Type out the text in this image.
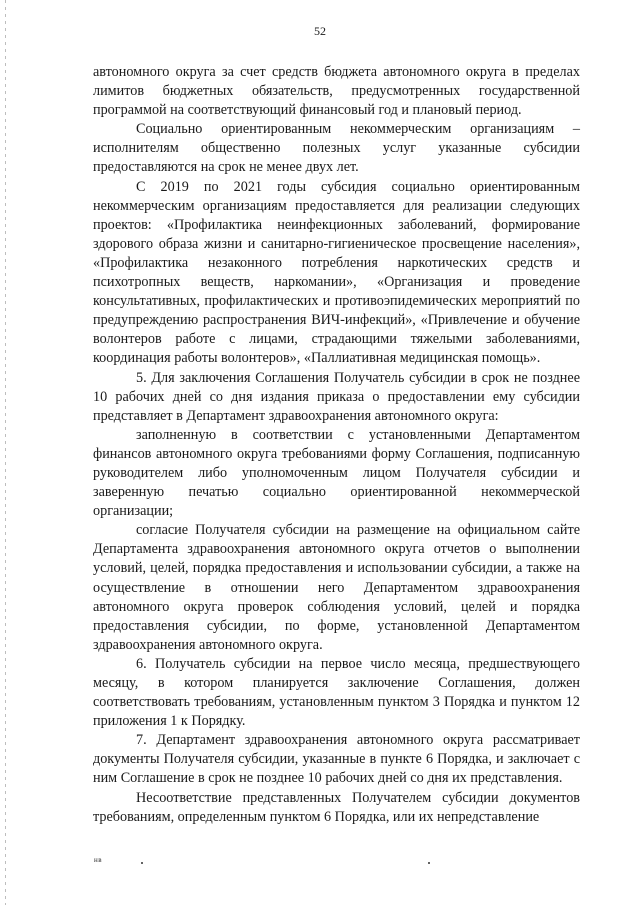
52

автономного округа за счет средств бюджета автономного округа в пределах лимитов бюджетных обязательств, предусмотренных государственной программой на соответствующий финансовый год и плановый период.

Социально ориентированным некоммерческим организациям – исполнителям общественно полезных услуг указанные субсидии предоставляются на срок не менее двух лет.

С 2019 по 2021 годы субсидия социально ориентированным некоммерческим организациям предоставляется для реализации следующих проектов: «Профилактика неинфекционных заболеваний, формирование здорового образа жизни и санитарно-гигиеническое просвещение населения», «Профилактика незаконного потребления наркотических средств и психотропных веществ, наркомании», «Организация и проведение консультативных, профилактических и противоэпидемических мероприятий по предупреждению распространения ВИЧ-инфекций», «Привлечение и обучение волонтеров работе с лицами, страдающими тяжелыми заболеваниями, координация работы волонтеров», «Паллиативная медицинская помощь».

5. Для заключения Соглашения Получатель субсидии в срок не позднее 10 рабочих дней со дня издания приказа о предоставлении ему субсидии представляет в Департамент здравоохранения автономного округа:

заполненную в соответствии с установленными Департаментом финансов автономного округа требованиями форму Соглашения, подписанную руководителем либо уполномоченным лицом Получателя субсидии и заверенную печатью социально ориентированной некоммерческой организации;

согласие Получателя субсидии на размещение на официальном сайте Департамента здравоохранения автономного округа отчетов о выполнении условий, целей, порядка предоставления и использовании субсидии, а также на осуществление в отношении него Департаментом здравоохранения автономного округа проверок соблюдения условий, целей и порядка предоставления субсидии, по форме, установленной Департаментом здравоохранения автономного округа.

6. Получатель субсидии на первое число месяца, предшествующего месяцу, в котором планируется заключение Соглашения, должен соответствовать требованиям, установленным пунктом 3 Порядка и пунктом 12 приложения 1 к Порядку.

7. Департамент здравоохранения автономного округа рассматривает документы Получателя субсидии, указанные в пункте 6 Порядка, и заключает с ним Соглашение в срок не позднее 10 рабочих дней со дня их представления.

Несоответствие представленных Получателем субсидии документов требованиям, определенным пунктом 6 Порядка, или их непредставление

нв
